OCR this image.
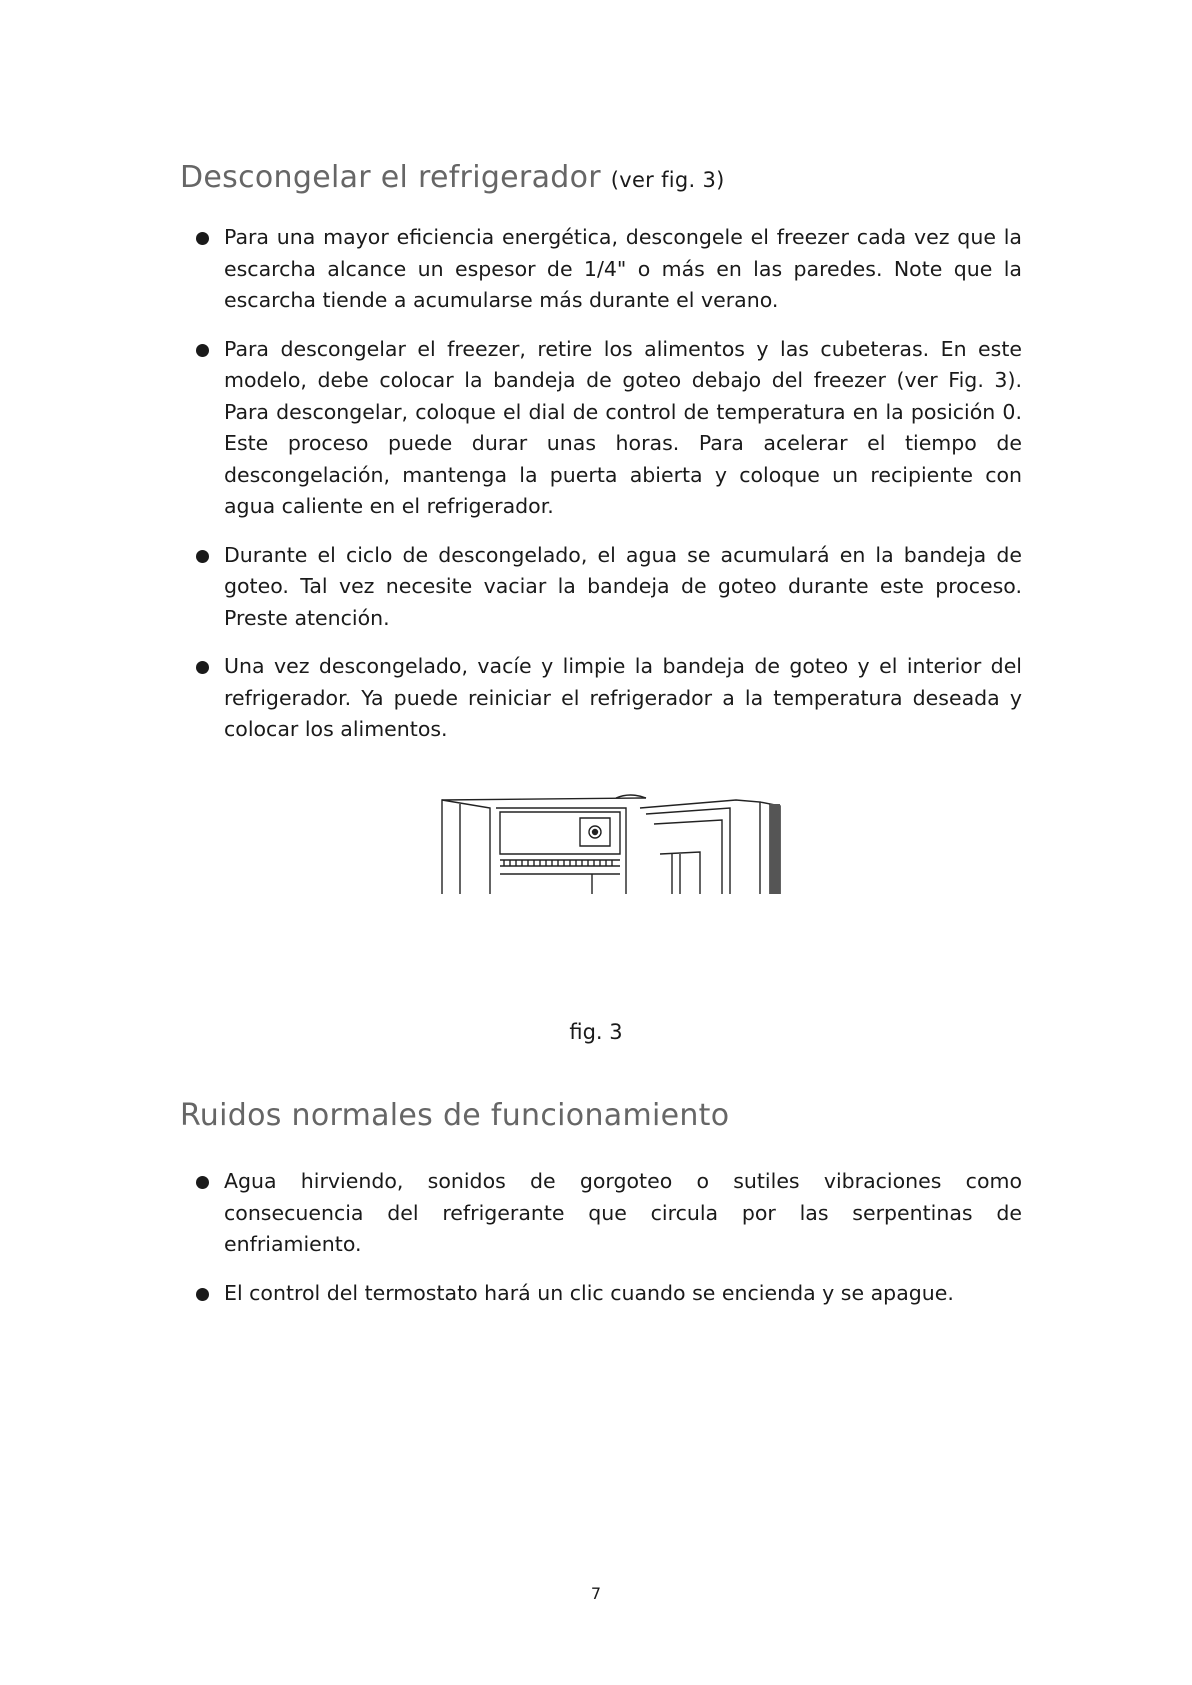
Descongelar el refrigerador (ver fig. 3)
Para una mayor eficiencia energética, descongele el freezer cada vez que la escarcha alcance un espesor de 1/4" o más en las paredes. Note que la escarcha tiende a acumularse más durante el verano.
Para descongelar el freezer, retire los alimentos y las cubeteras. En este modelo, debe colocar la bandeja de goteo debajo del freezer (ver Fig. 3). Para descongelar, coloque el dial de control de temperatura en la posición 0. Este proceso puede durar unas horas. Para acelerar el tiempo de descongelación, mantenga la puerta abierta y coloque un recipiente con agua caliente en el refrigerador.
Durante el ciclo de descongelado, el agua se acumulará en la bandeja de goteo. Tal vez necesite vaciar la bandeja de goteo durante este proceso. Preste atención.
Una vez descongelado, vacíe y limpie la bandeja de goteo y el interior del refrigerador. Ya puede reiniciar el refrigerador a la temperatura deseada y colocar los alimentos.
fig. 3
Ruidos normales de funcionamiento
Agua hirviendo, sonidos de gorgoteo o sutiles vibraciones como consecuencia del refrigerante que circula por las serpentinas de enfriamiento.
El control del termostato hará un clic cuando se encienda y se apague.
7
